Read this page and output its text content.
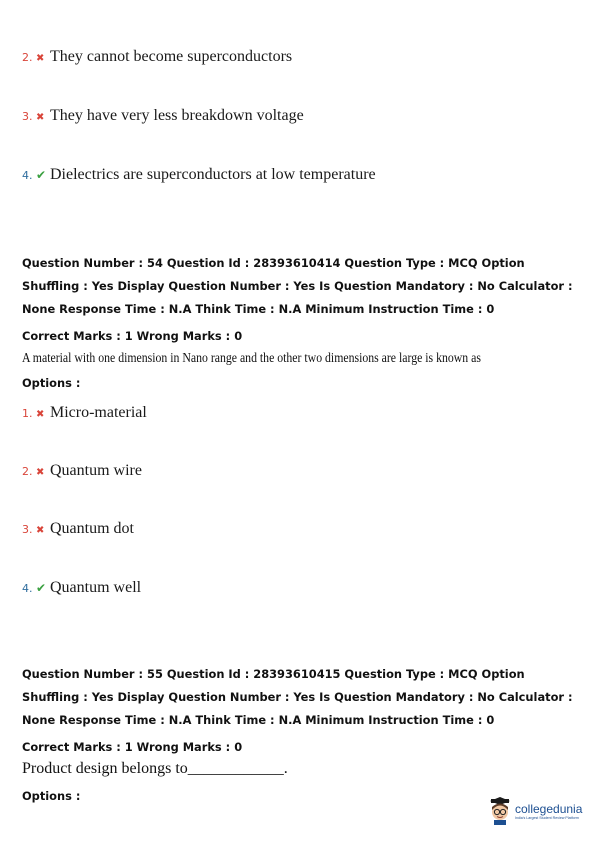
2. ✖ They cannot become superconductors
3. ✖ They have very less breakdown voltage
4. ✔ Dielectrics are superconductors at low temperature
Question Number : 54 Question Id : 28393610414 Question Type : MCQ Option Shuffling : Yes Display Question Number : Yes Is Question Mandatory : No Calculator : None Response Time : N.A Think Time : N.A Minimum Instruction Time : 0
Correct Marks : 1 Wrong Marks : 0
A material with one dimension in Nano range and the other two dimensions are large is known as
Options :
1. ✖ Micro-material
2. ✖ Quantum wire
3. ✖ Quantum dot
4. ✔ Quantum well
Question Number : 55 Question Id : 28393610415 Question Type : MCQ Option Shuffling : Yes Display Question Number : Yes Is Question Mandatory : No Calculator : None Response Time : N.A Think Time : N.A Minimum Instruction Time : 0
Correct Marks : 1 Wrong Marks : 0
Product design belongs to____________.
Options :
collegedunia
India's Largest Student Review Platform
